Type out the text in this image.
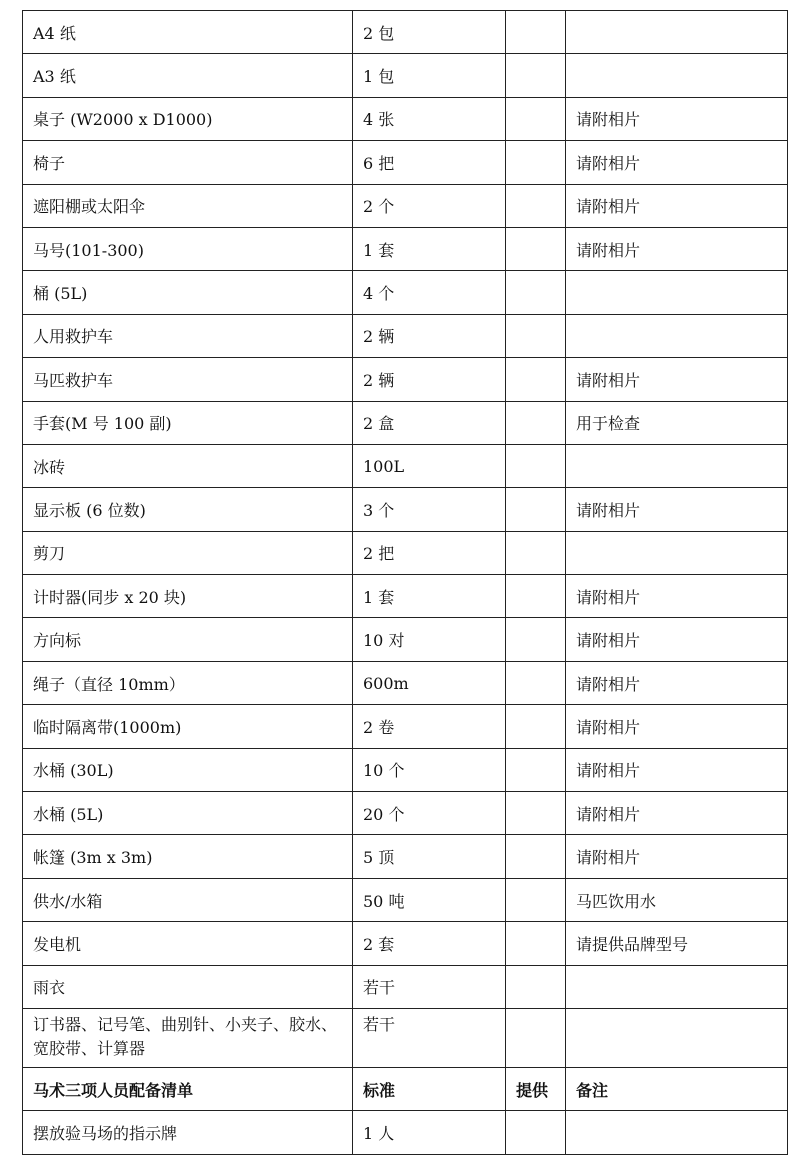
A4 纸	2 包		
A3 纸	1 包		
桌子 (W2000 x D1000)	4 张		请附相片
椅子	6 把		请附相片
遮阳棚或太阳伞	2 个		请附相片
马号(101-300)	1 套		请附相片
桶 (5L)	4 个		
人用救护车	2 辆		
马匹救护车	2 辆		请附相片
手套(M 号 100 副)	2 盒		用于检查
冰砖	100L		
显示板 (6 位数)	3 个		请附相片
剪刀	2 把		
计时器(同步 x 20 块)	1 套		请附相片
方向标	10 对		请附相片
绳子（直径 10mm）	600m		请附相片
临时隔离带(1000m)	2 卷		请附相片
水桶 (30L)	10 个		请附相片
水桶 (5L)	20 个		请附相片
帐篷 (3m x 3m)	5 顶		请附相片
供水/水箱	50 吨		马匹饮用水
发电机	2 套		请提供品牌型号
雨衣	若干		
订书器、记号笔、曲别针、小夹子、胶水、宽胶带、计算器	若干		
马术三项人员配备清单	标准	提供	备注
摆放验马场的指示牌	1 人		
